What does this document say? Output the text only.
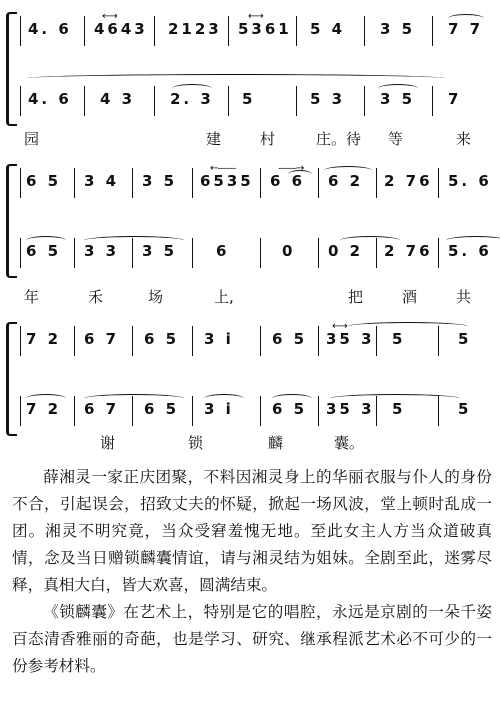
4. 6
←→
4643 2123
←→
5361 5 4 3 5 7 7
4. 6 4 3 2. 3 5	5 3 3 5 7
园	建	村	庄。待 等	来
6 5 3 4 3 5
←——
6535
——→
6 6 6 2 2 76 5. 6
6 5 3 3 3 5	6	0 0 2 2 76 5. 6
年	禾	场	上,	把	酒	共
7 2 6 7 6 5 3 i	6 5
←→
35 3 5	5
7 2 6 7 6 5 3 i	6 5 35 3 5	5
谢	锁	麟	囊。

薛湘灵一家正庆团聚，不料因湘灵身上的华丽衣服与仆人的身份不合，引起误会，招致丈夫的怀疑，掀起一场风波，堂上顿时乱成一团。湘灵不明究竟，当众受窘羞愧无地。至此女主人方当众道破真情，念及当日赠锁麟囊情谊，请与湘灵结为姐妹。全剧至此，迷雾尽释，真相大白，皆大欢喜，圆满结束。

《锁麟囊》在艺术上，特别是它的唱腔，永远是京剧的一朵千姿百态清香雅丽的奇葩，也是学习、研究、继承程派艺术必不可少的一份参考材料。
